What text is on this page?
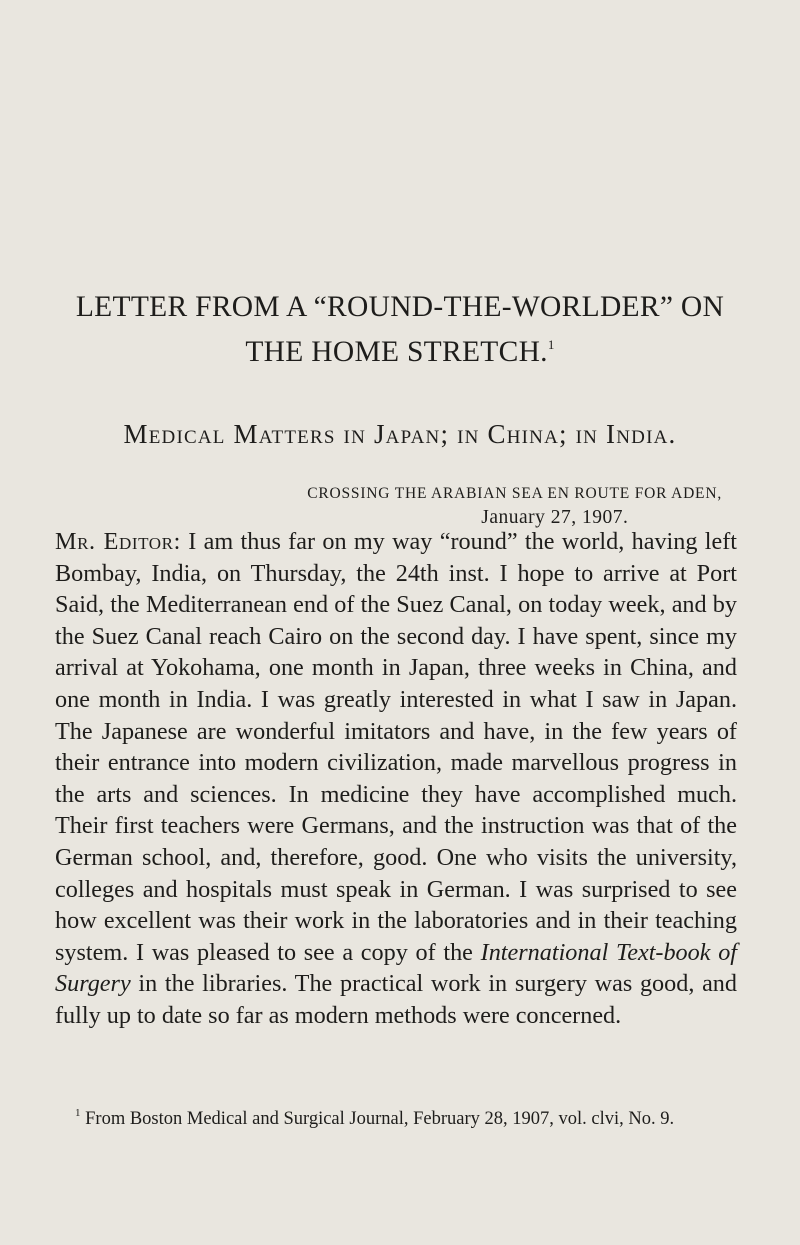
LETTER FROM A “ROUND-THE-WORLDER” ON
THE HOME STRETCH.$^1$
Medical Matters in Japan; in China; in India.
CROSSING THE ARABIAN SEA EN ROUTE FOR ADEN,
January 27, 1907.

Mr. Editor: I am thus far on my way “round” the world, having left Bombay, India, on Thursday, the 24th inst. I hope to arrive at Port Said, the Mediterranean end of the Suez Canal, on today week, and by the Suez Canal reach Cairo on the second day. I have spent, since my arrival at Yokohama, one month in Japan, three weeks in China, and one month in India. I was greatly interested in what I saw in Japan. The Japanese are wonderful imitators and have, in the few years of their entrance into modern civilization, made marvellous progress in the arts and sciences. In medicine they have accomplished much. Their first teachers were Germans, and the instruction was that of the German school, and, therefore, good. One who visits the university, colleges and hospitals must speak in German. I was surprised to see how excellent was their work in the laboratories and in their teaching system. I was pleased to see a copy of the International Text-book of Surgery in the libraries. The practical work in surgery was good, and fully up to date so far as modern methods were concerned.

$^1$ From Boston Medical and Surgical Journal, February 28, 1907, vol. clvi, No. 9.
